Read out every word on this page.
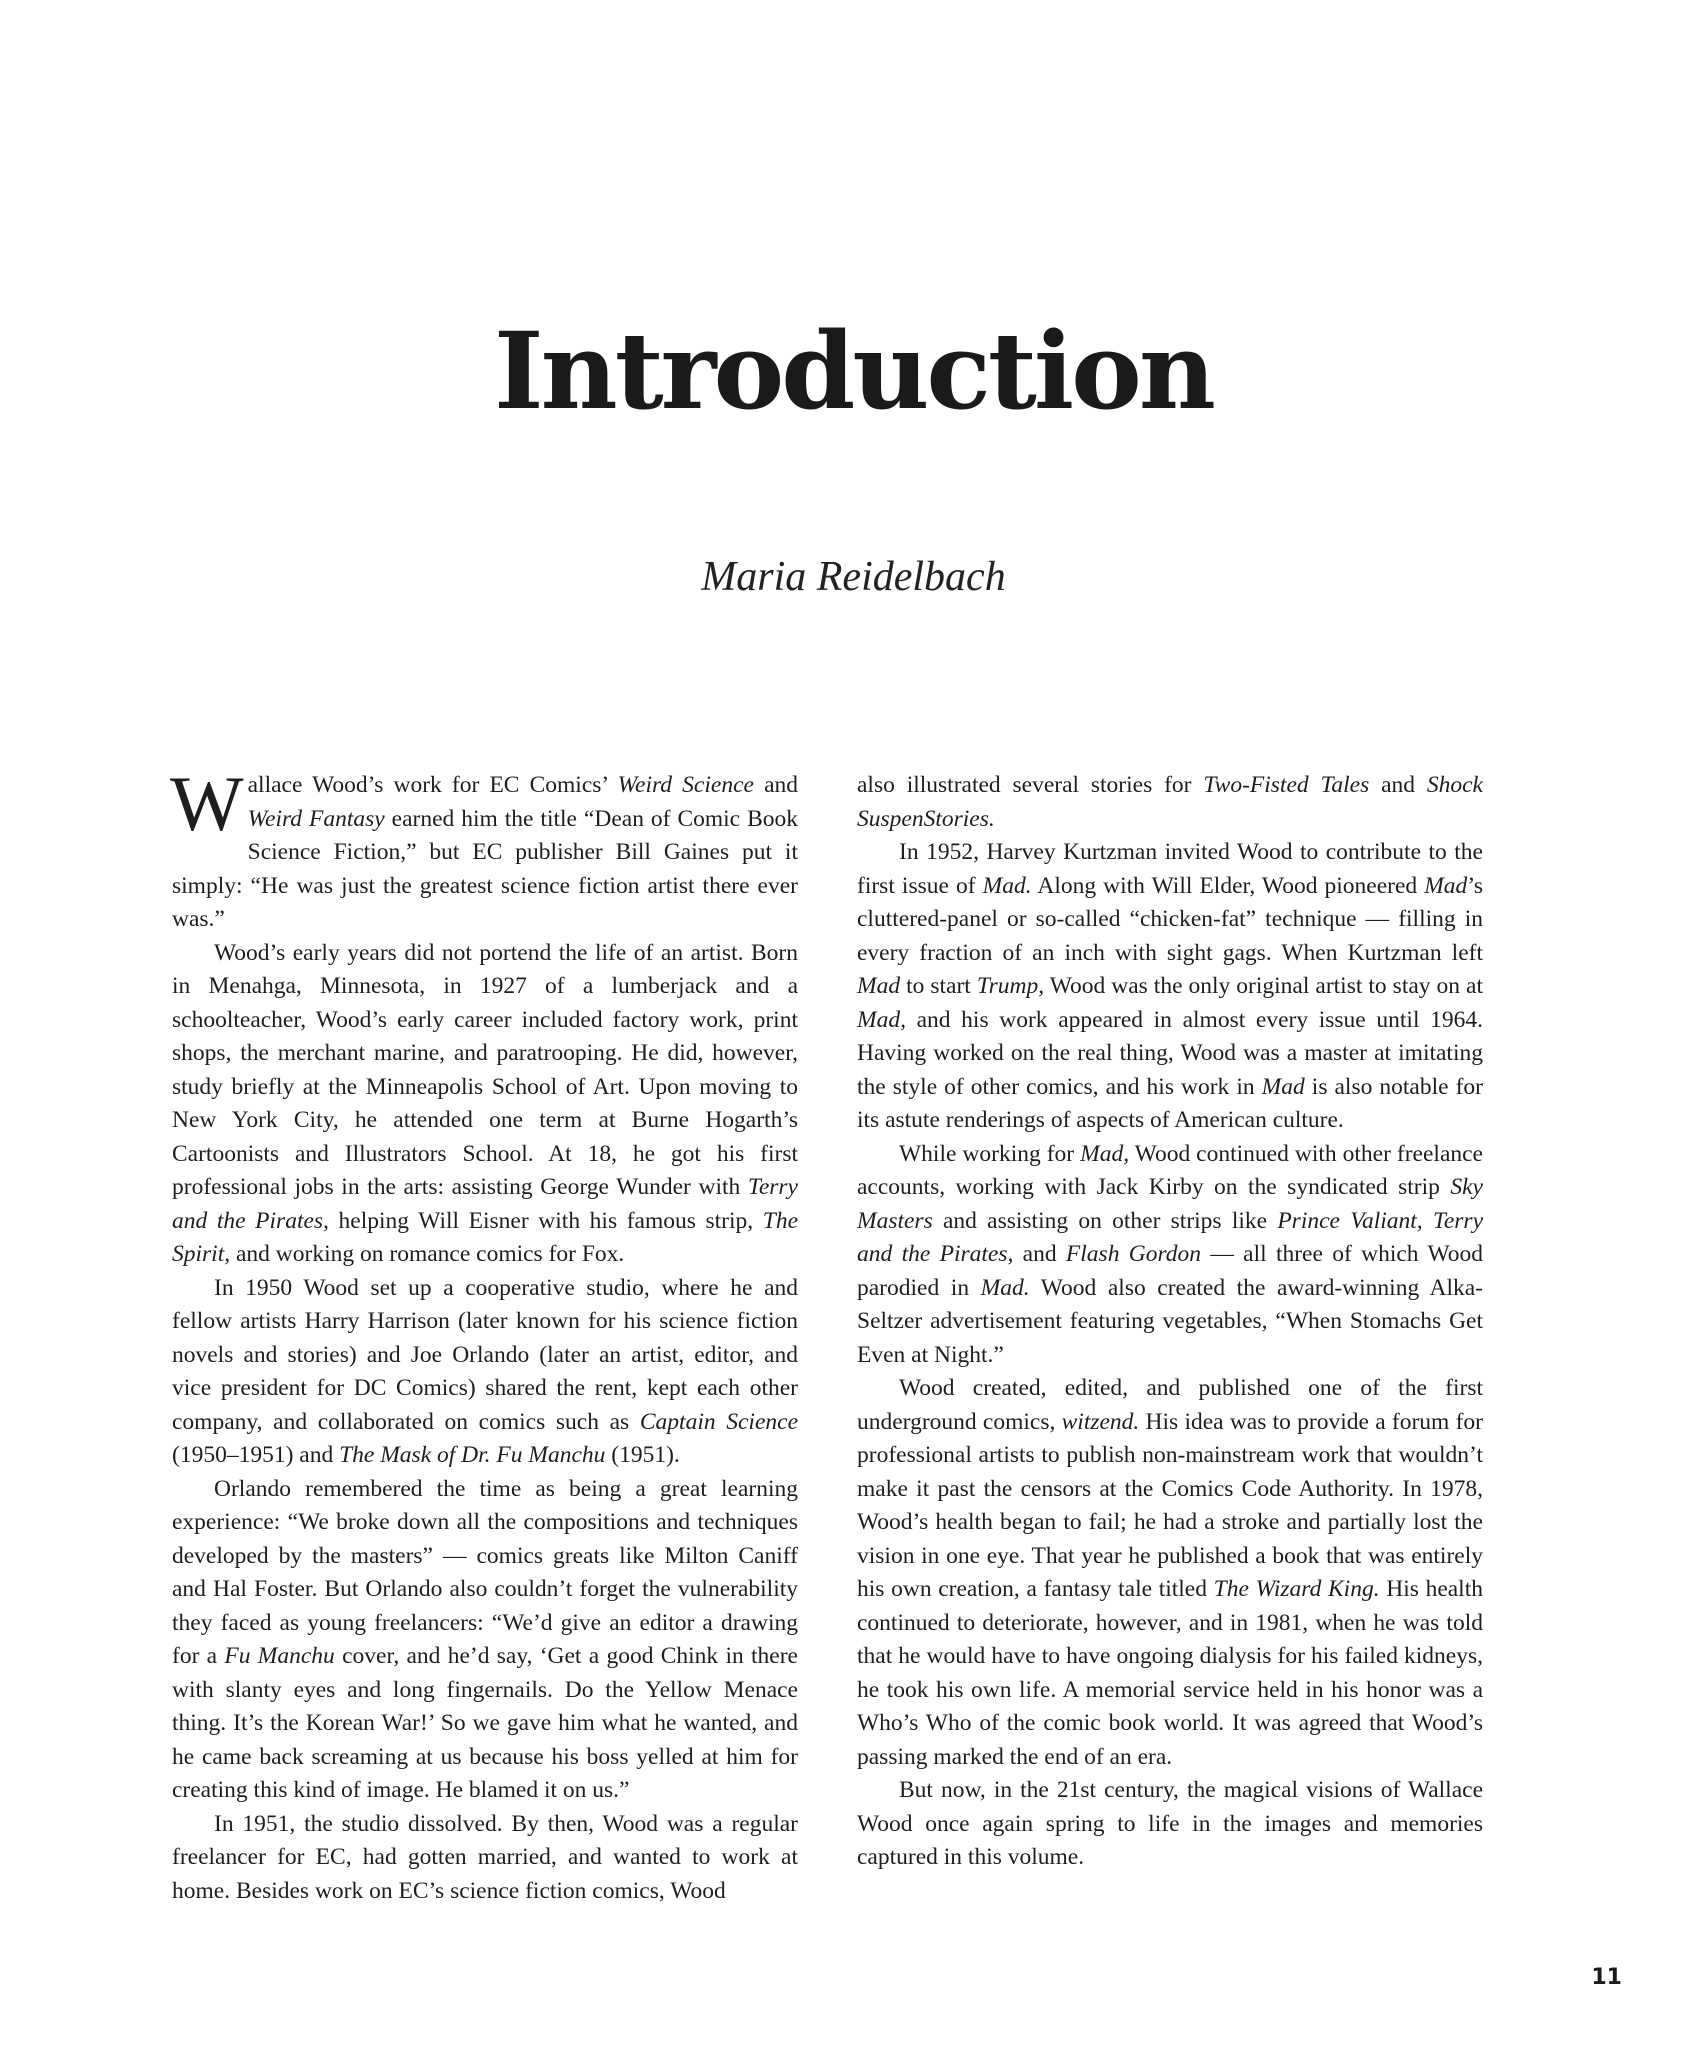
Introduction
Maria Reidelbach

Wallace Wood’s work for EC Comics’ Weird Science and Weird Fantasy earned him the title “Dean of Comic Book Science Fiction,” but EC publisher Bill Gaines put it simply: “He was just the greatest science fiction artist there ever was.”

Wood’s early years did not portend the life of an artist. Born in Menahga, Minnesota, in 1927 of a lumberjack and a schoolteacher, Wood’s early career included factory work, print shops, the merchant marine, and paratrooping. He did, however, study briefly at the Minneapolis School of Art. Upon moving to New York City, he attended one term at Burne Hogarth’s Cartoonists and Illustrators School. At 18, he got his first professional jobs in the arts: assisting George Wunder with Terry and the Pirates, helping Will Eisner with his famous strip, The Spirit, and working on romance comics for Fox.

In 1950 Wood set up a cooperative studio, where he and fellow artists Harry Harrison (later known for his science fiction novels and stories) and Joe Orlando (later an artist, editor, and vice president for DC Comics) shared the rent, kept each other company, and collaborated on comics such as Captain Science (1950–1951) and The Mask of Dr. Fu Manchu (1951).

Orlando remembered the time as being a great learning experience: “We broke down all the compositions and techniques developed by the masters” — comics greats like Milton Caniff and Hal Foster. But Orlando also couldn’t forget the vulnerability they faced as young freelancers: “We’d give an editor a drawing for a Fu Manchu cover, and he’d say, ‘Get a good Chink in there with slanty eyes and long fingernails. Do the Yellow Menace thing. It’s the Korean War!’ So we gave him what he wanted, and he came back screaming at us because his boss yelled at him for creating this kind of image. He blamed it on us.”

In 1951, the studio dissolved. By then, Wood was a regular freelancer for EC, had gotten married, and wanted to work at home. Besides work on EC’s science fiction comics, Wood

also illustrated several stories for Two-Fisted Tales and Shock SuspenStories.

In 1952, Harvey Kurtzman invited Wood to contribute to the first issue of Mad. Along with Will Elder, Wood pioneered Mad’s cluttered-panel or so-called “chicken-fat” technique — filling in every fraction of an inch with sight gags. When Kurtzman left Mad to start Trump, Wood was the only original artist to stay on at Mad, and his work appeared in almost every issue until 1964. Having worked on the real thing, Wood was a master at imitating the style of other comics, and his work in Mad is also notable for its astute renderings of aspects of American culture.

While working for Mad, Wood continued with other freelance accounts, working with Jack Kirby on the syndicated strip Sky Masters and assisting on other strips like Prince Valiant, Terry and the Pirates, and Flash Gordon — all three of which Wood parodied in Mad. Wood also created the award-winning Alka-Seltzer advertisement featuring vegetables, “When Stomachs Get Even at Night.”

Wood created, edited, and published one of the first underground comics, witzend. His idea was to provide a forum for professional artists to publish non-mainstream work that wouldn’t make it past the censors at the Comics Code Authority. In 1978, Wood’s health began to fail; he had a stroke and partially lost the vision in one eye. That year he published a book that was entirely his own creation, a fantasy tale titled The Wizard King. His health continued to deteriorate, however, and in 1981, when he was told that he would have to have ongoing dialysis for his failed kidneys, he took his own life. A memorial service held in his honor was a Who’s Who of the comic book world. It was agreed that Wood’s passing marked the end of an era.

But now, in the 21st century, the magical visions of Wallace Wood once again spring to life in the images and memories captured in this volume.

11
